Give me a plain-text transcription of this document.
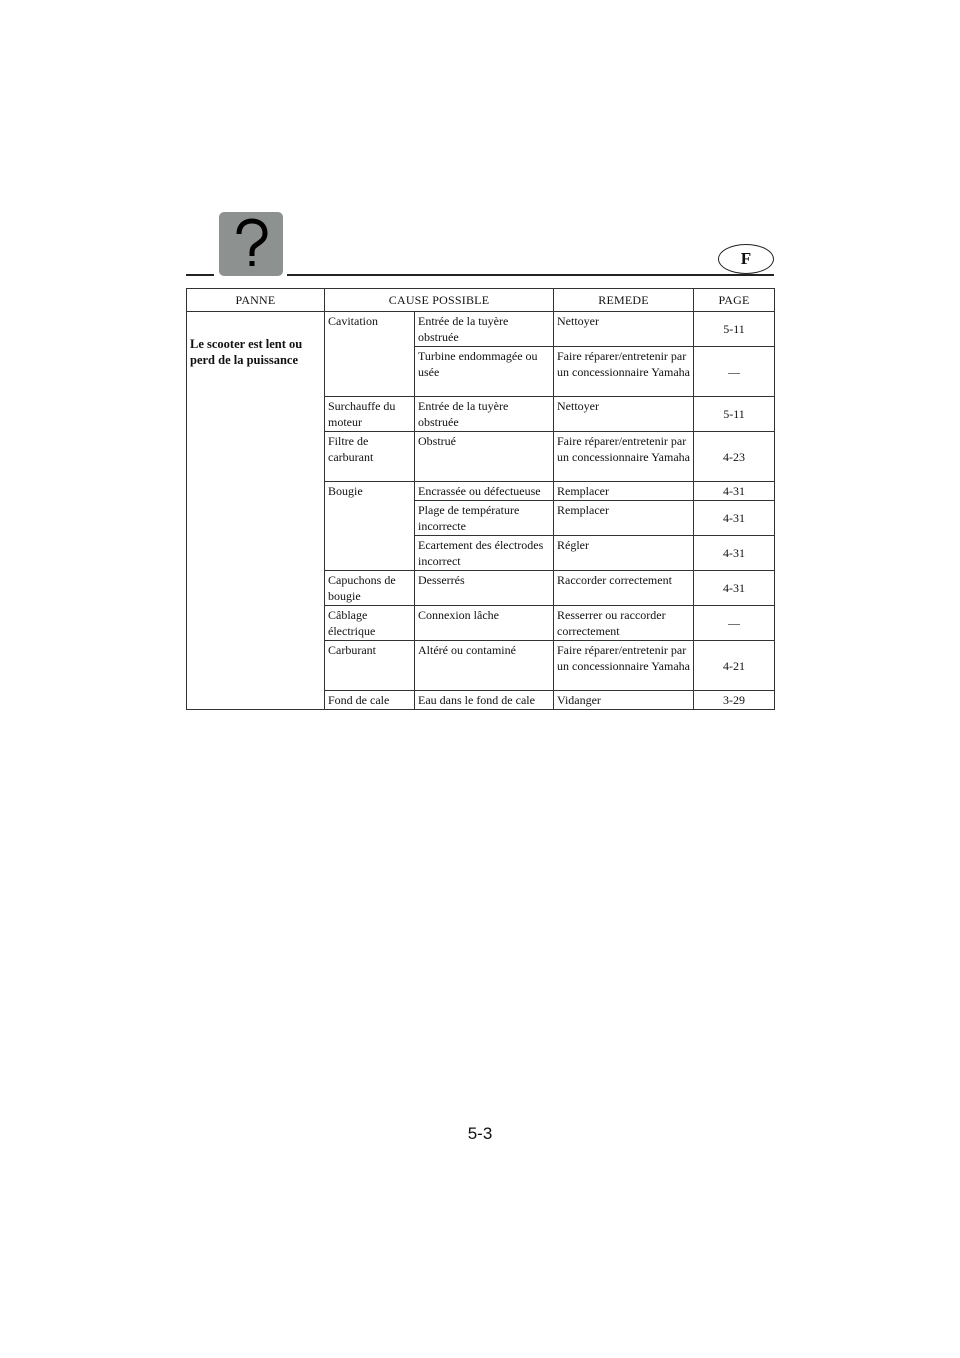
F
PANNE	CAUSE POSSIBLE		REMEDE	PAGE
Le scooter est lent ou perd de la puissance	Cavitation	Entrée de la tuyère obstruée	Nettoyer	5-11
		Turbine endommagée ou usée	Faire réparer/entretenir par un concessionnaire Yamaha	—
	Surchauffe du moteur	Entrée de la tuyère obstruée	Nettoyer	5-11
	Filtre de carburant	Obstrué	Faire réparer/entretenir par un concessionnaire Yamaha	4-23
	Bougie	Encrassée ou défectueuse	Remplacer	4-31
		Plage de température incorrecte	Remplacer	4-31
		Ecartement des électrodes incorrect	Régler	4-31
	Capuchons de bougie	Desserrés	Raccorder correctement	4-31
	Câblage électrique	Connexion lâche	Resserrer ou raccorder correctement	—
	Carburant	Altéré ou contaminé	Faire réparer/entretenir par un concessionnaire Yamaha	4-21
	Fond de cale	Eau dans le fond de cale	Vidanger	3-29
5-3
